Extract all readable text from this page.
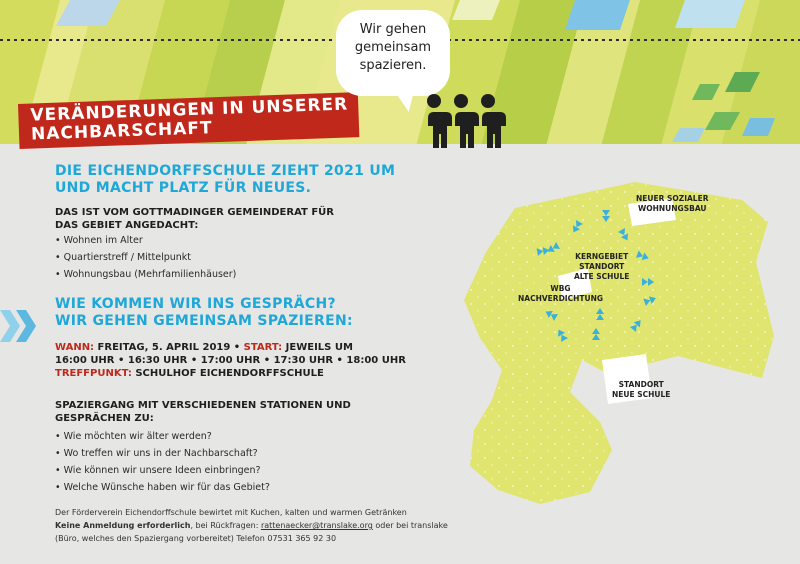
VERÄNDERUNGEN IN UNSERER
NACHBARSCHAFT
Wir gehen
gemeinsam
spazieren.
DIE EICHENDORFFSCHULE ZIEHT 2021 UM
UND MACHT PLATZ FÜR NEUES.
DAS IST VOM GOTTMADINGER GEMEINDERAT FÜR
DAS GEBIET ANGEDACHT:
• Wohnen im Alter
• Quartierstreff / Mittelpunkt
• Wohnungsbau (Mehrfamilienhäuser)
WIE KOMMEN WIR INS GESPRÄCH?
WIR GEHEN GEMEINSAM SPAZIEREN:
WANN: FREITAG, 5. APRIL 2019 • START: JEWEILS UM
16:00 UHR • 16:30 UHR • 17:00 UHR • 17:30 UHR • 18:00 UHR
TREFFPUNKT: SCHULHOF EICHENDORFFSCHULE
SPAZIERGANG MIT VERSCHIEDENEN STATIONEN UND
GESPRÄCHEN ZU:
• Wie möchten wir älter werden?
• Wo treffen wir uns in der Nachbarschaft?
• Wie können wir unsere Ideen einbringen?
• Welche Wünsche haben wir für das Gebiet?
Der Förderverein Eichendorffschule bewirtet mit Kuchen, kalten und warmen Getränken
Keine Anmeldung erforderlich, bei Rückfragen: rattenaecker@translake.org oder bei translake
(Büro, welches den Spaziergang vorbereitet) Telefon 07531 365 92 30
NEUER SOZIALER
WOHNUNGSBAU
KERNGEBIET
STANDORT
ALTE SCHULE
WBG
NACHVERDICHTUNG
STANDORT
NEUE SCHULE
